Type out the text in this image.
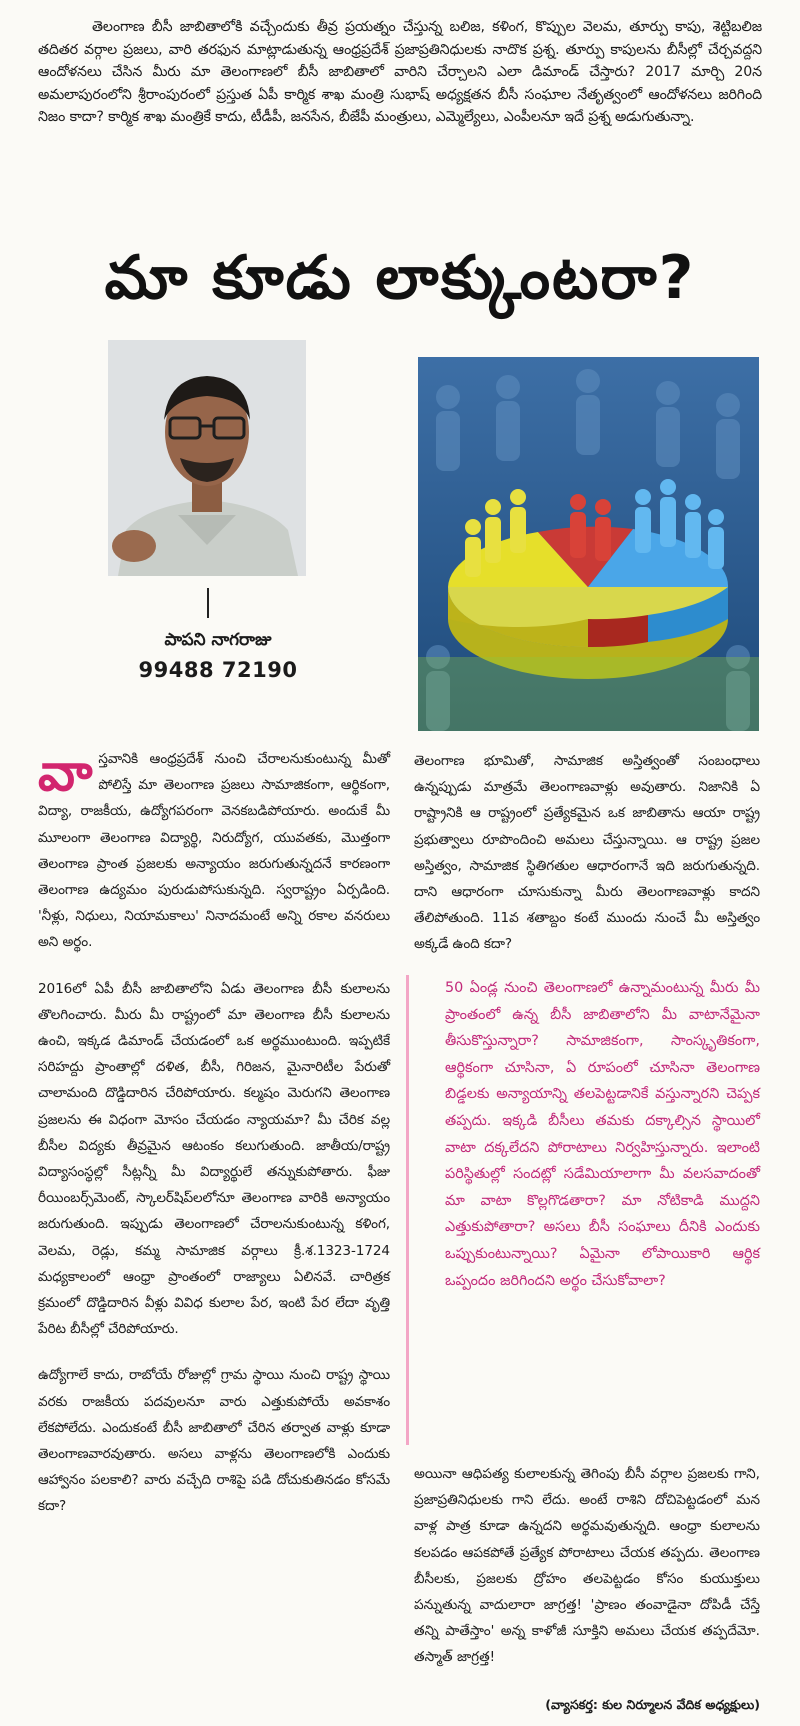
తెలంగాణ బీసీ జాబితాలోకి వచ్చేందుకు తీవ్ర ప్రయత్నం చేస్తున్న బలిజ, కళింగ, కొప్పుల వెలమ, తూర్పు కాపు, శెట్టిబలిజ తదితర వర్గాల ప్రజలు, వారి తరఫున మాట్లాడుతున్న ఆంధ్రప్రదేశ్ ప్రజాప్రతినిధులకు నాదొక ప్రశ్న. తూర్పు కాపులను బీసీల్లో చేర్చవద్దని ఆందోళనలు చేసిన మీరు మా తెలంగాణలో బీసీ జాబితాలో వారిని చేర్చాలని ఎలా డిమాండ్ చేస్తారు? 2017 మార్చి 20న అమలాపురంలోని శ్రీరాంపురంలో ప్రస్తుత ఏపీ కార్మిక శాఖ మంత్రి సుభాష్ అధ్యక్షతన బీసీ సంఘాల నేతృత్వంలో ఆందోళనలు జరిగింది నిజం కాదా? కార్మిక శాఖ మంత్రికే కాదు, టీడీపీ, జనసేన, బీజేపీ మంత్రులు, ఎమ్మెల్యేలు, ఎంపీలనూ ఇదే ప్రశ్న అడుగుతున్నా.
మా కూడు లాక్కుంటరా?
పాపని నాగరాజు
99488 72190

వాస్తవానికి ఆంధ్రప్రదేశ్ నుంచి చేరాలనుకుంటున్న మీతో పోలిస్తే మా తెలంగాణ ప్రజలు సామాజికంగా, ఆర్థికంగా, విద్యా, రాజకీయ, ఉద్యోగపరంగా వెనకబడిపోయారు. అందుకే మీ మూలంగా తెలంగాణ విద్యార్థి, నిరుద్యోగ, యువతకు, మొత్తంగా తెలంగాణ ప్రాంత ప్రజలకు అన్యాయం జరుగుతున్నదనే కారణంగా తెలంగాణ ఉద్యమం పురుడుపోసుకున్నది. స్వరాష్ట్రం ఏర్పడింది. 'నీళ్లు, నిధులు, నియామకాలు' నినాదమంటే అన్ని రకాల వనరులు అని అర్థం.

2016లో ఏపీ బీసీ జాబితాలోని ఏడు తెలంగాణ బీసీ కులాలను తొలగించారు. మీరు మీ రాష్ట్రంలో మా తెలంగాణ బీసీ కులాలను ఉంచి, ఇక్కడ డిమాండ్ చేయడంలో ఒక అర్థముంటుంది. ఇప్పటికే సరిహద్దు ప్రాంతాల్లో దళిత, బీసీ, గిరిజన, మైనారిటీల పేరుతో చాలామంది దొడ్డిదారిన చేరిపోయారు. కల్మషం మెరుగని తెలంగాణ ప్రజలను ఈ విధంగా మోసం చేయడం న్యాయమా? మీ చేరిక వల్ల బీసీల విద్యకు తీవ్రమైన ఆటంకం కలుగుతుంది. జాతీయ/రాష్ట్ర విద్యాసంస్థల్లో సీట్లన్నీ మీ విద్యార్థులే తన్నుకుపోతారు. ఫీజు రీయింబర్స్‌మెంట్, స్కాలర్‌షిప్‌లలోనూ తెలంగాణ వారికి అన్యాయం జరుగుతుంది. ఇప్పుడు తెలంగాణలో చేరాలనుకుంటున్న కళింగ, వెలమ, రెడ్లు, కమ్మ సామాజిక వర్గాలు క్రీ.శ.1323-1724 మధ్యకాలంలో ఆంధ్రా ప్రాంతంలో రాజ్యాలు ఏలినవే. చారిత్రక క్రమంలో దొడ్డిదారిన వీళ్లు వివిధ కులాల పేర, ఇంటి పేర లేదా వృత్తి పేరిట బీసీల్లో చేరిపోయారు.

ఉద్యోగాలే కాదు, రాబోయే రోజుల్లో గ్రామ స్థాయి నుంచి రాష్ట్ర స్థాయి వరకు రాజకీయ పదవులనూ వారు ఎత్తుకుపోయే అవకాశం లేకపోలేదు. ఎందుకంటే బీసీ జాబితాలో చేరిన తర్వాత వాళ్లు కూడా తెలంగాణవారవుతారు. అసలు వాళ్లను తెలంగాణలోకి ఎందుకు ఆహ్వానం పలకాలి? వారు వచ్చేది రాశిపై పడి దోచుకుతినడం కోసమే కదా?

తెలంగాణ భూమితో, సామాజిక అస్తిత్వంతో సంబంధాలు ఉన్నప్పుడు మాత్రమే తెలంగాణవాళ్లు అవుతారు. నిజానికి ఏ రాష్ట్రానికి ఆ రాష్ట్రంలో ప్రత్యేకమైన ఒక జాబితాను ఆయా రాష్ట్ర ప్రభుత్వాలు రూపొందించి అమలు చేస్తున్నాయి. ఆ రాష్ట్ర ప్రజల అస్తిత్వం, సామాజిక స్థితిగతుల ఆధారంగానే ఇది జరుగుతున్నది. దాని ఆధారంగా చూసుకున్నా మీరు తెలంగాణవాళ్లు కాదని తేలిపోతుంది. 11వ శతాబ్దం కంటే ముందు నుంచే మీ అస్తిత్వం అక్కడే ఉంది కదా?

50 ఏండ్ల నుంచి తెలంగాణలో ఉన్నామంటున్న మీరు మీ ప్రాంతంలో ఉన్న బీసీ జాబితాలోని మీ వాటానేమైనా తీసుకొస్తున్నారా? సామాజికంగా, సాంస్కృతికంగా, ఆర్థికంగా చూసినా, ఏ రూపంలో చూసినా తెలంగాణ బిడ్డలకు అన్యాయాన్ని తలపెట్టడానికే వస్తున్నారని చెప్పక తప్పదు. ఇక్కడి బీసీలు తమకు దక్కాల్సిన స్థాయిలో వాటా దక్కలేదని పోరాటాలు నిర్వహిస్తున్నారు. ఇలాంటి పరిస్థితుల్లో సందట్లో సడేమియాలాగా మీ వలసవాదంతో మా వాటా కొల్లగొడతారా? మా నోటికాడి ముద్దని ఎత్తుకుపోతారా? అసలు బీసీ సంఘాలు దీనికి ఎందుకు ఒప్పుకుంటున్నాయి? ఏమైనా లోపాయికారి ఆర్థిక ఒప్పందం జరిగిందని అర్థం చేసుకోవాలా?
అయినా ఆధిపత్య కులాలకున్న తెగింపు బీసీ వర్గాల ప్రజలకు గాని, ప్రజాప్రతినిధులకు గాని లేదు. అంటే రాశిని దోచిపెట్టడంలో మన వాళ్ల పాత్ర కూడా ఉన్నదని అర్థమవుతున్నది. ఆంధ్రా కులాలను కలపడం ఆపకపోతే ప్రత్యేక పోరాటాలు చేయక తప్పదు. తెలంగాణ బీసీలకు, ప్రజలకు ద్రోహం తలపెట్టడం కోసం కుయుక్తులు పన్నుతున్న వాదులారా జాగ్రత్త! 'ప్రాణం తంవాడైనా దోపిడీ చేస్తే తన్ని పాతేస్తాం' అన్న కాళోజీ సూక్తిని అమలు చేయక తప్పదేమో. తస్మాత్ జాగ్రత్త!
(వ్యాసకర్త: కుల నిర్మూలన వేదిక అధ్యక్షులు)
